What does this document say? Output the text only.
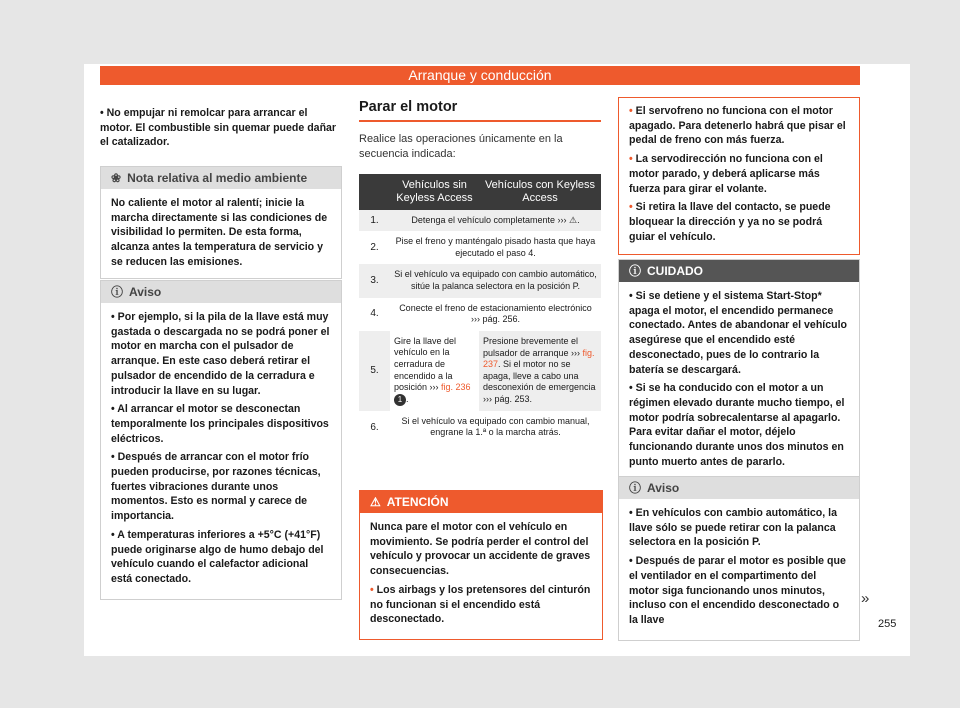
Arranque y conducción
• No empujar ni remolcar para arrancar el motor. El combustible sin quemar puede dañar el catalizador.
❀ Nota relativa al medio ambiente
No caliente el motor al ralentí; inicie la marcha directamente si las condiciones de visibilidad lo permiten. De esta forma, alcanza antes la temperatura de servicio y se reducen las emisiones.
ⓘ Aviso
• Por ejemplo, si la pila de la llave está muy gastada o descargada no se podrá poner el motor en marcha con el pulsador de arranque. En este caso deberá retirar el pulsador de encendido de la cerradura e introducir la llave en su lugar.
• Al arrancar el motor se desconectan temporalmente los principales dispositivos eléctricos.
• Después de arrancar con el motor frío pueden producirse, por razones técnicas, fuertes vibraciones durante unos momentos. Esto es normal y carece de importancia.
• A temperaturas inferiores a +5°C (+41°F) puede originarse algo de humo debajo del vehículo cuando el calefactor adicional está conectado.
Parar el motor
Realice las operaciones únicamente en la secuencia indicada:
	Vehículos sin Keyless Access	Vehículos con Keyless Access
1.	Detenga el vehículo completamente ››› ⚠.	
2.	Pise el freno y manténgalo pisado hasta que haya ejecutado el paso 4.	
3.	Si el vehículo va equipado con cambio automático, sitúe la palanca selectora en la posición P.	
4.	Conecte el freno de estacionamiento electrónico ››› pág. 256.	
5.	Gire la llave del vehículo en la cerradura de encendido a la posición ››› fig. 236 1 .	Presione brevemente el pulsador de arranque ››› fig. 237. Si el motor no se apaga, lleve a cabo una desconexión de emergencia ››› pág. 253.
6.	Si el vehículo va equipado con cambio manual, engrane la 1.ª o la marcha atrás.	
⚠ ATENCIÓN
Nunca pare el motor con el vehículo en movimiento. Se podría perder el control del vehículo y provocar un accidente de graves consecuencias.
• Los airbags y los pretensores del cinturón no funcionan si el encendido está desconectado.
• El servofreno no funciona con el motor apagado. Para detenerlo habrá que pisar el pedal de freno con más fuerza.
• La servodirección no funciona con el motor parado, y deberá aplicarse más fuerza para girar el volante.
• Si retira la llave del contacto, se puede bloquear la dirección y ya no se podrá guiar el vehículo.
ⓘ CUIDADO
• Si se detiene y el sistema Start-Stop* apaga el motor, el encendido permanece conectado. Antes de abandonar el vehículo asegúrese que el encendido esté desconectado, pues de lo contrario la batería se descargará.
• Si se ha conducido con el motor a un régimen elevado durante mucho tiempo, el motor podría sobrecalentarse al apagarlo. Para evitar dañar el motor, déjelo funcionando durante unos dos minutos en punto muerto antes de pararlo.
ⓘ Aviso
• En vehículos con cambio automático, la llave sólo se puede retirar con la palanca selectora en la posición P.
• Después de parar el motor es posible que el ventilador en el compartimento del motor siga funcionando unos minutos, incluso con el encendido desconectado o la llave
»
255
